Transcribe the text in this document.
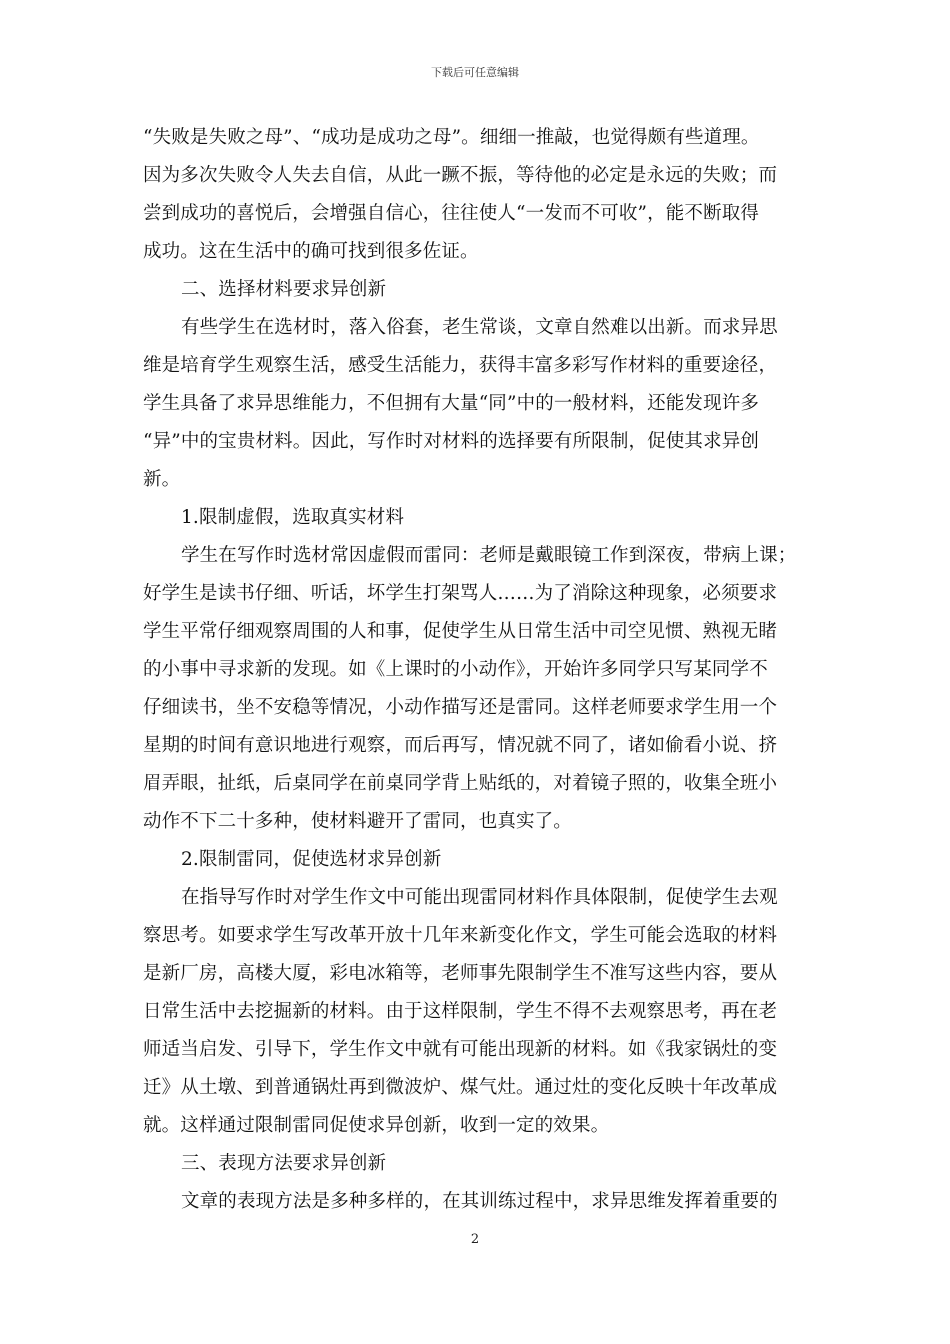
下载后可任意编辑
“失败是失败之母”、“成功是成功之母”。细细一推敲，也觉得颇有些道理。
因为多次失败令人失去自信，从此一蹶不振，等待他的必定是永远的失败；而
尝到成功的喜悦后，会增强自信心，往往使人“一发而不可收”，能不断取得
成功。这在生活中的确可找到很多佐证。
二、选择材料要求异创新
有些学生在选材时，落入俗套，老生常谈，文章自然难以出新。而求异思
维是培育学生观察生活，感受生活能力，获得丰富多彩写作材料的重要途径，
学生具备了求异思维能力，不但拥有大量“同”中的一般材料，还能发现许多
“异”中的宝贵材料。因此，写作时对材料的选择要有所限制，促使其求异创
新。
1.限制虚假，选取真实材料
学生在写作时选材常因虚假而雷同：老师是戴眼镜工作到深夜，带病上课；
好学生是读书仔细、听话，坏学生打架骂人……为了消除这种现象，必须要求
学生平常仔细观察周围的人和事，促使学生从日常生活中司空见惯、熟视无睹
的小事中寻求新的发现。如《上课时的小动作》，开始许多同学只写某同学不
仔细读书，坐不安稳等情况，小动作描写还是雷同。这样老师要求学生用一个
星期的时间有意识地进行观察，而后再写，情况就不同了，诸如偷看小说、挤
眉弄眼，扯纸，后桌同学在前桌同学背上贴纸的，对着镜子照的，收集全班小
动作不下二十多种，使材料避开了雷同，也真实了。
2.限制雷同，促使选材求异创新
在指导写作时对学生作文中可能出现雷同材料作具体限制，促使学生去观
察思考。如要求学生写改革开放十几年来新变化作文，学生可能会选取的材料
是新厂房，高楼大厦，彩电冰箱等，老师事先限制学生不准写这些内容，要从
日常生活中去挖掘新的材料。由于这样限制，学生不得不去观察思考，再在老
师适当启发、引导下，学生作文中就有可能出现新的材料。如《我家锅灶的变
迁》从土墩、到普通锅灶再到微波炉、煤气灶。通过灶的变化反映十年改革成
就。这样通过限制雷同促使求异创新，收到一定的效果。
三、表现方法要求异创新
文章的表现方法是多种多样的，在其训练过程中，求异思维发挥着重要的
2
